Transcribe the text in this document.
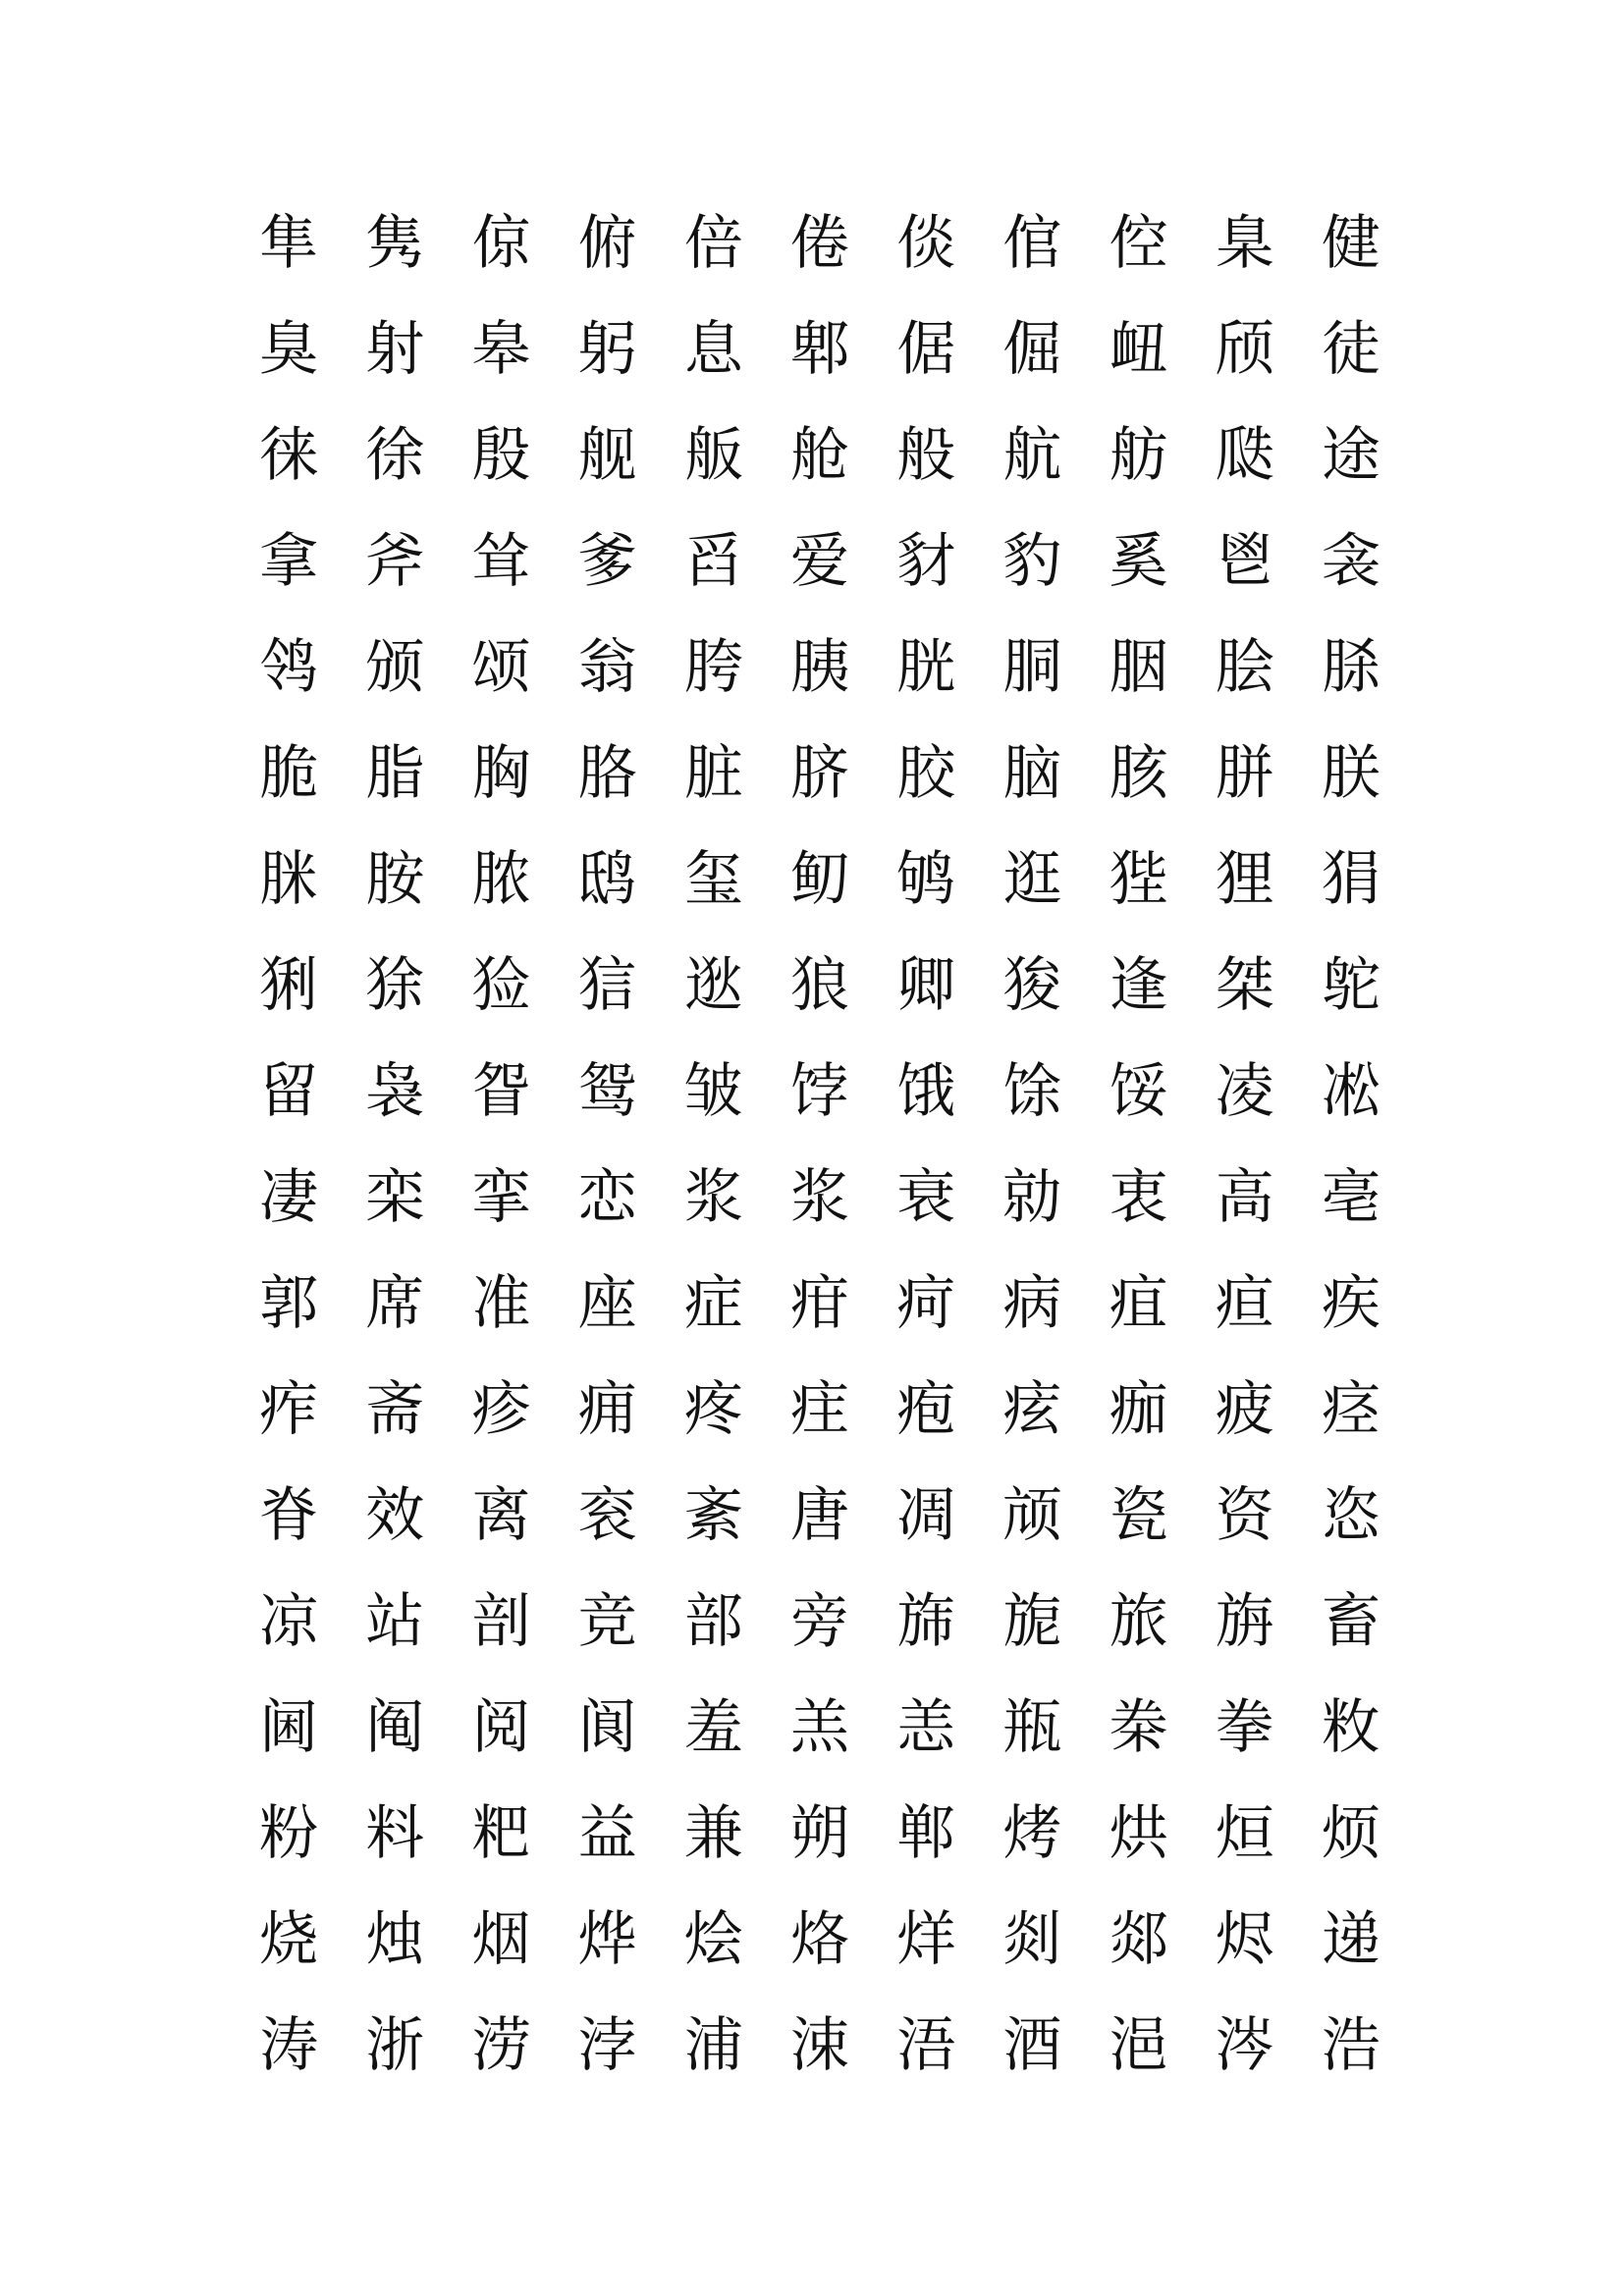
隼 隽 倞 俯 倍 倦 倓 倌 倥 臬 健
臭 射 皋 躬 息 郫 倨 倔 衄 颀 徒
徕 徐 殷 舰 舨 舱 般 航 舫 瓞 途
拿 斧 耸 爹 舀 爱 豺 豹 奚 鬯 衾
鸰 颁 颂 翁 胯 胰 胱 胴 胭 脍 脎
脆 脂 胸 胳 脏 脐 胶 脑 胲 胼 朕
脒 胺 脓 鸱 玺 鱽 鸲 逛 狴 狸 狷
猁 狳 猃 狺 逖 狼 卿 狻 逢 桀 鸵
留 袅 眢 鸳 皱 饽 饿 馀 馁 凌 凇
凄 栾 挛 恋 浆 浆 衰 勍 衷 高 亳
郭 席 准 座 症 疳 疴 病 疽 疸 疾
痄 斋 疹 痈 疼 疰 疱 痃 痂 疲 痉
脊 效 离 衮 紊 唐 凋 颃 瓷 资 恣
凉 站 剖 竞 部 旁 旆 旎 旅 旃 畜
阃 阄 阅 阆 羞 羔 恙 瓶 桊 拳 敉
粉 料 粑 益 兼 朔 郸 烤 烘 烜 烦
烧 烛 烟 烨 烩 烙 烊 剡 郯 烬 递
涛 浙 涝 浡 浦 涑 浯 酒 浥 涔 浩
